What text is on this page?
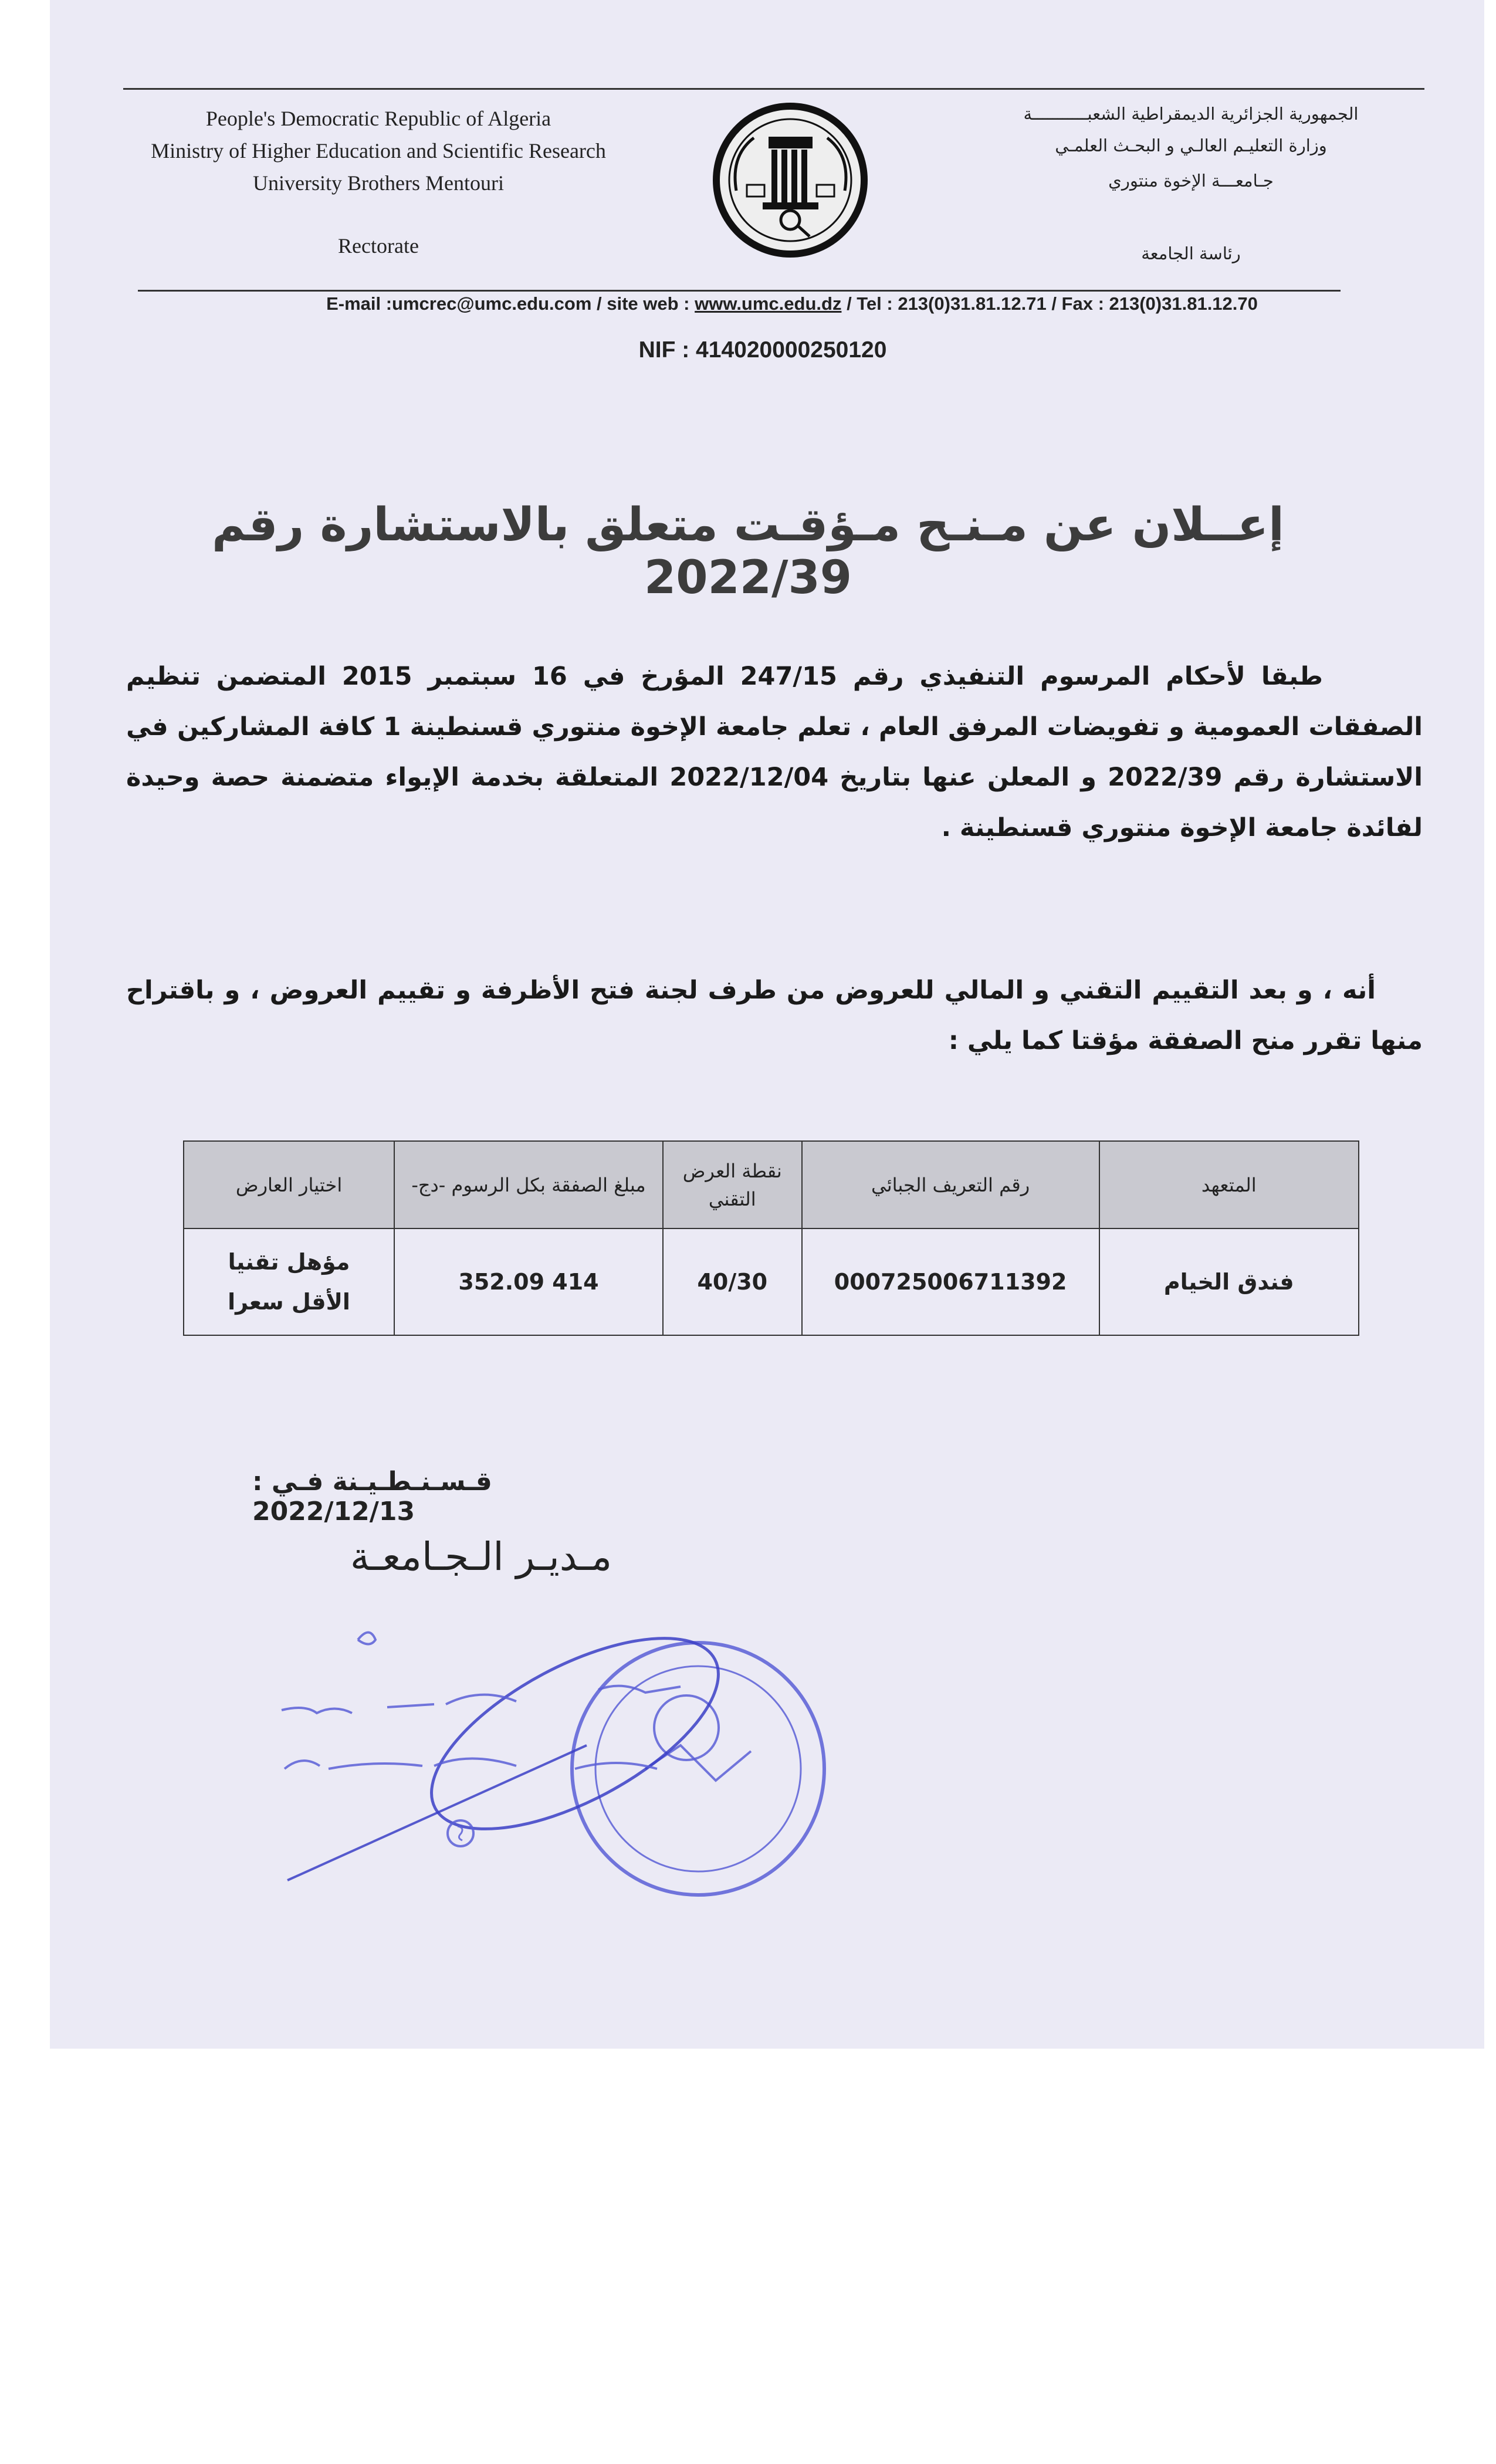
People's Democratic Republic of Algeria
Ministry of Higher Education and Scientific Research
University Brothers Mentouri
Rectorate
الجمهورية الجزائرية الديمقراطية الشعبـــــــــــة
وزارة التعليـم العالـي و البحـث العلمـي
جـامعـــة الإخوة منتوري
رئاسة الجامعة
E-mail :umcrec@umc.edu.com / site web : www.umc.edu.dz / Tel : 213(0)31.81.12.71 / Fax : 213(0)31.81.12.70
NIF : 414020000250120
إعــلان عن مـنـح مـؤقـت متعلق بالاستشارة رقم 2022/39
طبقا لأحكام المرسوم التنفيذي رقم 247/15 المؤرخ في 16 سبتمبر 2015 المتضمن تنظيم الصفقات العمومية و تفويضات المرفق العام ، تعلم جامعة الإخوة منتوري قسنطينة 1 كافة المشاركين في الاستشارة رقم 2022/39 و المعلن عنها بتاريخ 2022/12/04 المتعلقة بخدمة الإيواء متضمنة حصة وحيدة لفائدة جامعة الإخوة منتوري قسنطينة .
أنه ، و بعد التقييم التقني و المالي للعروض من طرف لجنة فتح الأظرفة و تقييم العروض ، و باقتراح منها تقرر منح الصفقة مؤقتا كما يلي :
المتعهد	رقم التعريف الجبائي	نقطة العرض التقني	مبلغ الصفقة بكل الرسوم -دج-	اختيار العارض
فندق الخيام	000725006711392	40/30	414 352.09	مؤهل تقنيا
الأقل سعرا
قـسـنـطـيـنة فـي : 2022/12/13
مـديـر الـجـامعـة
